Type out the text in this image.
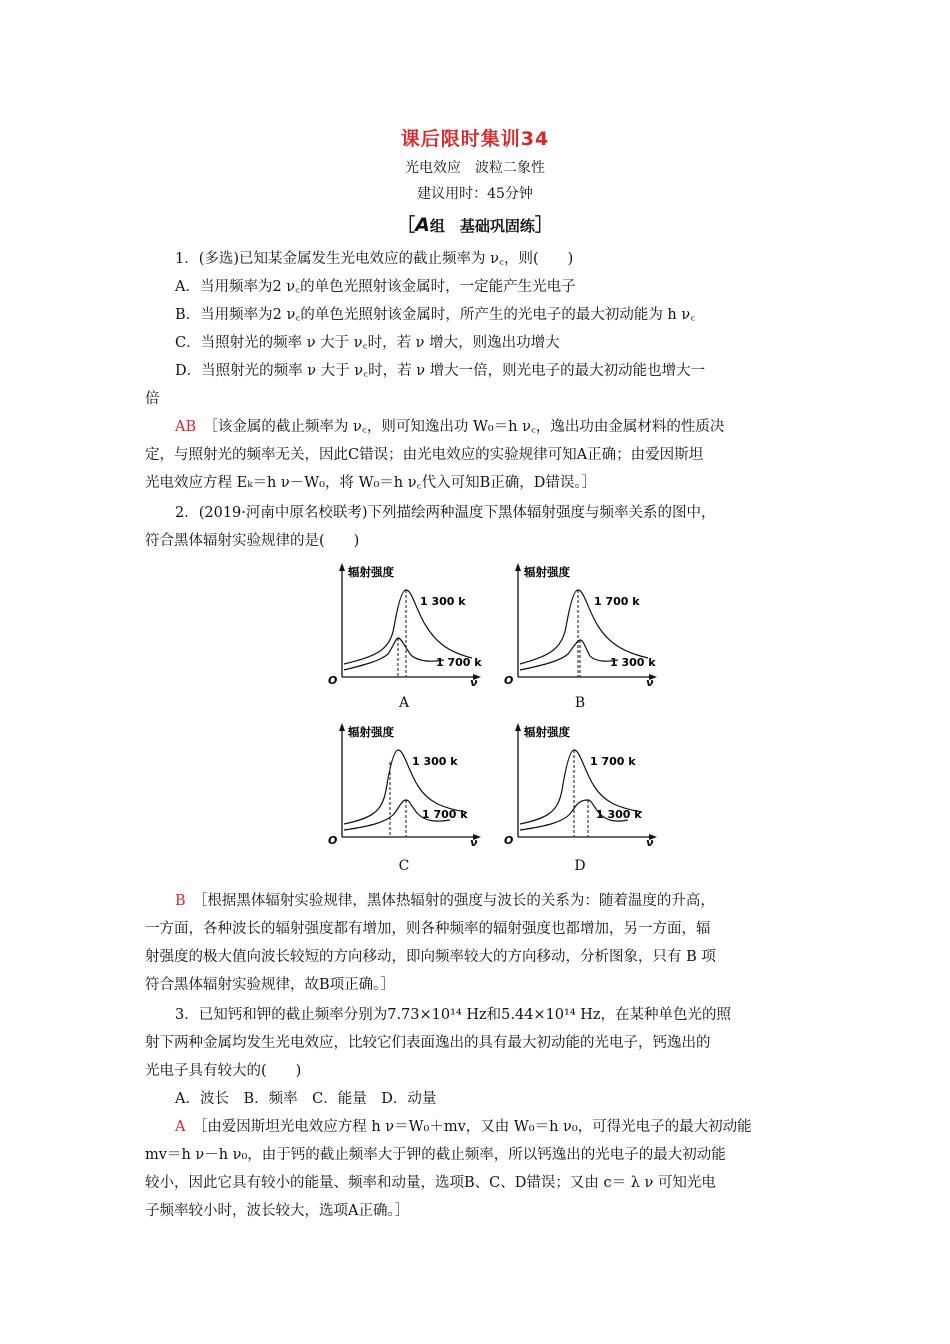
课后限时集训34
光电效应　波粒二象性
建议用时：45分钟
［A组　基础巩固练］
1．(多选)已知某金属发生光电效应的截止频率为 ν꜀，则(　　)
A．当用频率为2 ν꜀的单色光照射该金属时，一定能产生光电子
B．当用频率为2 ν꜀的单色光照射该金属时，所产生的光电子的最大初动能为 h ν꜀
C．当照射光的频率 ν 大于 ν꜀时，若 ν 增大，则逸出功增大
D．当照射光的频率 ν 大于 ν꜀时，若 ν 增大一倍，则光电子的最大初动能也增大一
倍
AB　 ［该金属的截止频率为 ν꜀，则可知逸出功 W₀＝h ν꜀，逸出功由金属材料的性质决
定，与照射光的频率无关，因此C错误；由光电效应的实验规律可知A正确；由爱因斯坦
光电效应方程 Eₖ＝h ν－W₀，将 W₀＝h ν꜀代入可知B正确，D错误。］
2．(2019·河南中原名校联考)下列描绘两种温度下黑体辐射强度与频率关系的图中，
符合黑体辐射实验规律的是(　　)
辐射强度
O	ν
1 300 k
1 700 k
A
辐射强度
O	ν
1 700 k
1 300 k
B
辐射强度
O	ν
1 300 k
1 700 k
C
辐射强度
O	ν
1 700 k
1 300 k
D
B　 ［根据黑体辐射实验规律，黑体热辐射的强度与波长的关系为：随着温度的升高，
一方面，各种波长的辐射强度都有增加，则各种频率的辐射强度也都增加，另一方面，辐
射强度的极大值向波长较短的方向移动，即向频率较大的方向移动，分析图象，只有 B 项
符合黑体辐射实验规律，故B项正确。］
3．已知钙和钾的截止频率分别为7.73×10¹⁴ Hz和5.44×10¹⁴ Hz，在某种单色光的照
射下两种金属均发生光电效应，比较它们表面逸出的具有最大初动能的光电子，钙逸出的
光电子具有较大的(　　)
A．波长　B．频率　C．能量　D．动量
A　 ［由爱因斯坦光电效应方程 h ν＝W₀＋mv，又由 W₀＝h ν₀，可得光电子的最大初动能
mv＝h ν－h ν₀，由于钙的截止频率大于钾的截止频率，所以钙逸出的光电子的最大初动能
较小，因此它具有较小的能量、频率和动量，选项B、C、D错误；又由 c＝ λ ν 可知光电
子频率较小时，波长较大，选项A正确。］
